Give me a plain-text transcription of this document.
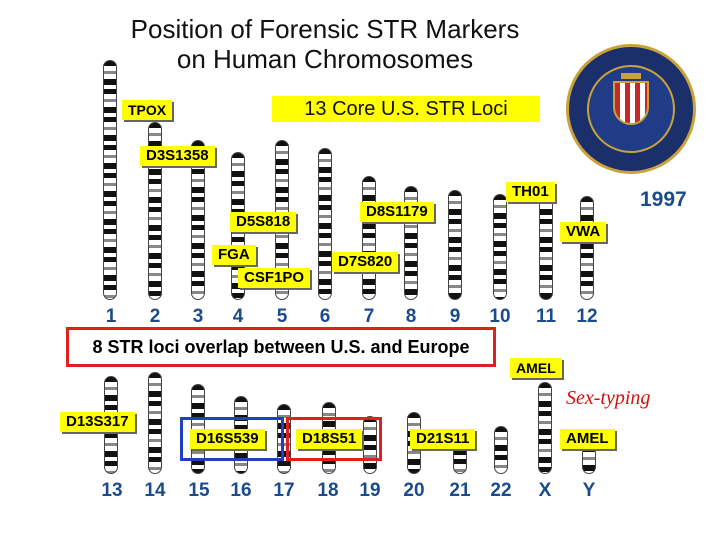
Position of Forensic STR Markers
on Human Chromosomes
13 Core U.S. STR Loci
1	2	3	4	5	6	7	8	9	10 11 12
TPOX
D3S1358
TH01	1997
D8S1179
D5S818
VWA
FGA	D7S820
CSF1PO
8 STR loci overlap between U.S. and Europe
AMEL
Sex-typing
13 14 15 16 17 18 19 20 21 22	X	Y
D13S317
D16S539	D18S51	D21S11	AMEL
